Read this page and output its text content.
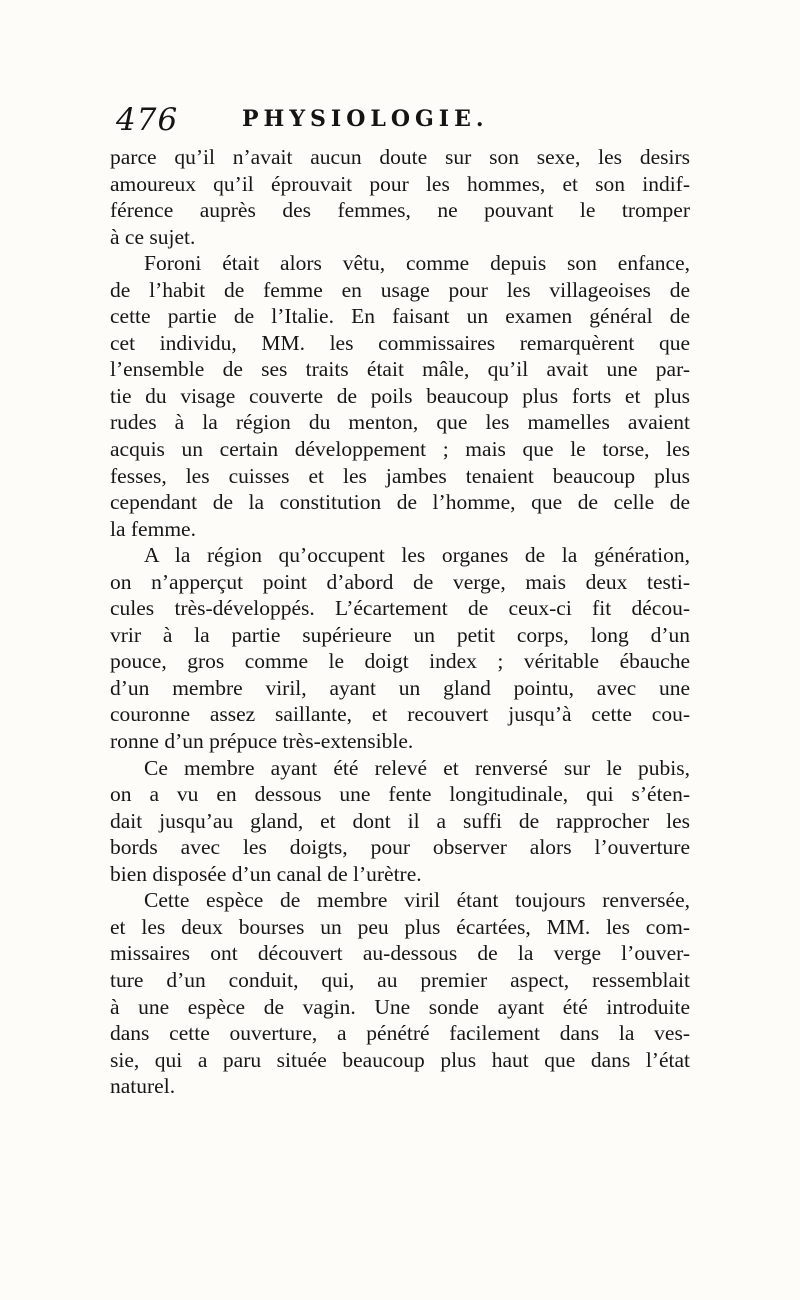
476	PHYSIOLOGIE.
parce qu’il n’avait aucun doute sur son sexe, les desirs
amoureux qu’il éprouvait pour les hommes, et son indif-
férence auprès des femmes, ne pouvant le tromper
à ce sujet.
Foroni était alors vêtu, comme depuis son enfance,
de l’habit de femme en usage pour les villageoises de
cette partie de l’Italie. En faisant un examen général de
cet individu, MM. les commissaires remarquèrent que
l’ensemble de ses traits était mâle, qu’il avait une par-
tie du visage couverte de poils beaucoup plus forts et plus
rudes à la région du menton, que les mamelles avaient
acquis un certain développement ; mais que le torse, les
fesses, les cuisses et les jambes tenaient beaucoup plus
cependant de la constitution de l’homme, que de celle de
la femme.
A la région qu’occupent les organes de la génération,
on n’apperçut point d’abord de verge, mais deux testi-
cules très-développés. L’écartement de ceux-ci fit décou-
vrir à la partie supérieure un petit corps, long d’un
pouce, gros comme le doigt index ; véritable ébauche
d’un membre viril, ayant un gland pointu, avec une
couronne assez saillante, et recouvert jusqu’à cette cou-
ronne d’un prépuce très-extensible.
Ce membre ayant été relevé et renversé sur le pubis,
on a vu en dessous une fente longitudinale, qui s’éten-
dait jusqu’au gland, et dont il a suffi de rapprocher les
bords avec les doigts, pour observer alors l’ouverture
bien disposée d’un canal de l’urètre.
Cette espèce de membre viril étant toujours renversée,
et les deux bourses un peu plus écartées, MM. les com-
missaires ont découvert au-dessous de la verge l’ouver-
ture d’un conduit, qui, au premier aspect, ressemblait
à une espèce de vagin. Une sonde ayant été introduite
dans cette ouverture, a pénétré facilement dans la ves-
sie, qui a paru située beaucoup plus haut que dans l’état
naturel.
